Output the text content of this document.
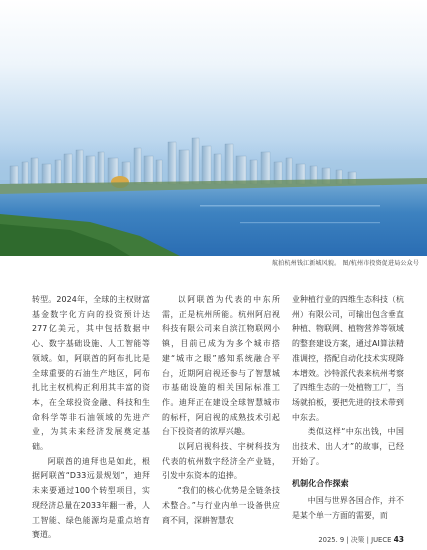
航拍杭州钱江新城风貌。 图/杭州市投资促进局公众号

转型。2024年，全球的主权财富基金数字化方向的投资预计达277亿美元，其中包括数据中心、数字基础设施、人工智能等领域。如，阿联酋的阿布扎比是全球重要的石油生产地区，阿布扎比主权机构正利用其丰富的资本，在全球投资金融、科技和生命科学等非石油领域的先进产业，为其未来经济发展奠定基础。

阿联酋的迪拜也是如此，根据阿联酋“D33远景规划”，迪拜未来要通过100个转型项目，实现经济总量在2033年翻一番，人工智能、绿色能源均是重点培育赛道。

以阿联酋为代表的中东所需，正是杭州所能。杭州阿启视科技有限公司来自滨江物联网小镇，目前已成为为多个城市搭建“城市之眼”感知系统融合平台，近期阿启视还参与了智慧城市基础设施的相关国际标准工作。迪拜正在建设全球智慧城市的标杆，阿启视的成熟技术引起台下投资者的浓厚兴趣。

以阿启视科技、宇树科技为代表的杭州数字经济全产业链，引发中东资本的追捧。

“我们的核心优势是全链条技术整合。”与行业内单一设备供应商不同，深耕智慧农

业种植行业的四维生态科技（杭州）有限公司，可输出包含垂直种植、物联网、植物营养等领域的整套建设方案，通过AI算法精准调控，搭配自动化技术实现降本增效。沙特派代表来杭州考察了四维生态的一处植物工厂，当场就拍板，要把先进的技术带到中东去。

类似这样“中东出钱，中国出技术、出人才”的故事，已经开始了。

机制化合作探索

中国与世界各国合作，并不是某个单一方面的需要，而

2025. 9 | 决策 | JUECE 43
